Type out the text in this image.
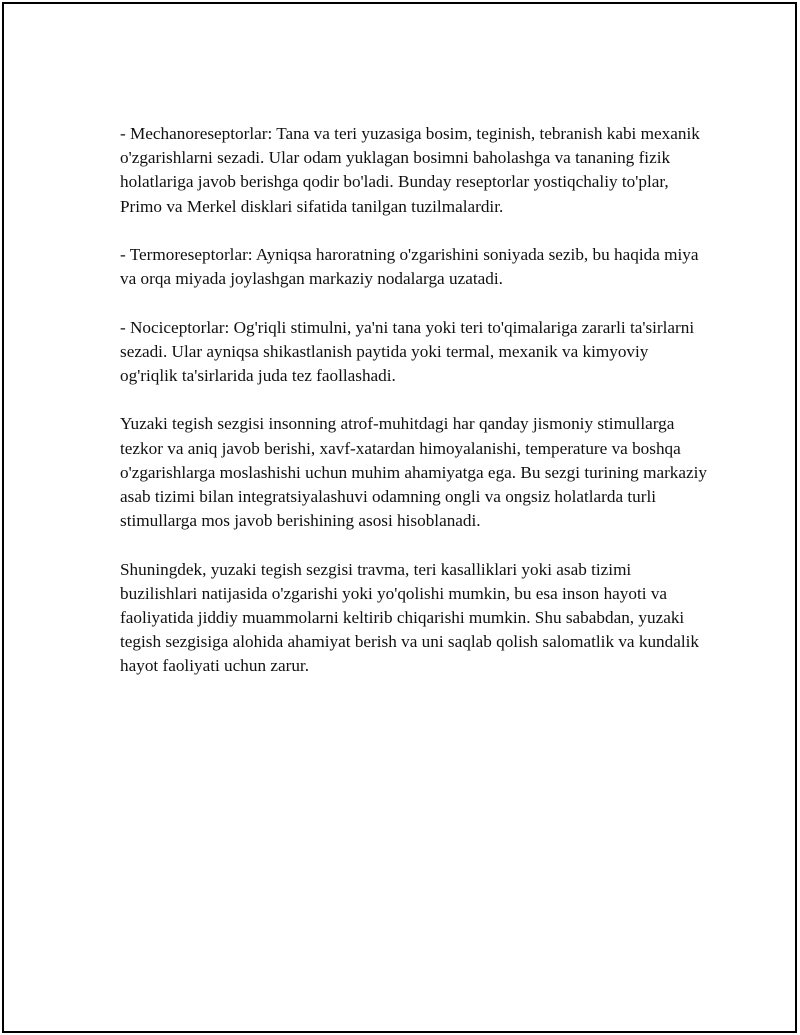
- Mechanoreseptorlar: Tana va teri yuzasiga bosim, teginish, tebranish kabi mexanik o'zgarishlarni sezadi. Ular odam yuklagan bosimni baholashga va tananing fizik holatlariga javob berishga qodir bo'ladi. Bunday reseptorlar yostiqchaliy to'plar, Primo va Merkel disklari sifatida tanilgan tuzilmalardir.

- Termoreseptorlar: Ayniqsa haroratning o'zgarishini soniyada sezib, bu haqida miya va orqa miyada joylashgan markaziy nodalarga uzatadi.

- Nociceptorlar: Og'riqli stimulni, ya'ni tana yoki teri to'qimalariga zararli ta'sirlarni sezadi. Ular ayniqsa shikastlanish paytida yoki termal, mexanik va kimyoviy og'riqlik ta'sirlarida juda tez faollashadi.

Yuzaki tegish sezgisi insonning atrof-muhitdagi har qanday jismoniy stimullarga tezkor va aniq javob berishi, xavf-xatardan himoyalanishi, temperature va boshqa o'zgarishlarga moslashishi uchun muhim ahamiyatga ega. Bu sezgi turining markaziy asab tizimi bilan integratsiyalashuvi odamning ongli va ongsiz holatlarda turli stimullarga mos javob berishining asosi hisoblanadi.

Shuningdek, yuzaki tegish sezgisi travma, teri kasalliklari yoki asab tizimi buzilishlari natijasida o'zgarishi yoki yo'qolishi mumkin, bu esa inson hayoti va faoliyatida jiddiy muammolarni keltirib chiqarishi mumkin. Shu sababdan, yuzaki tegish sezgisiga alohida ahamiyat berish va uni saqlab qolish salomatlik va kundalik hayot faoliyati uchun zarur.
